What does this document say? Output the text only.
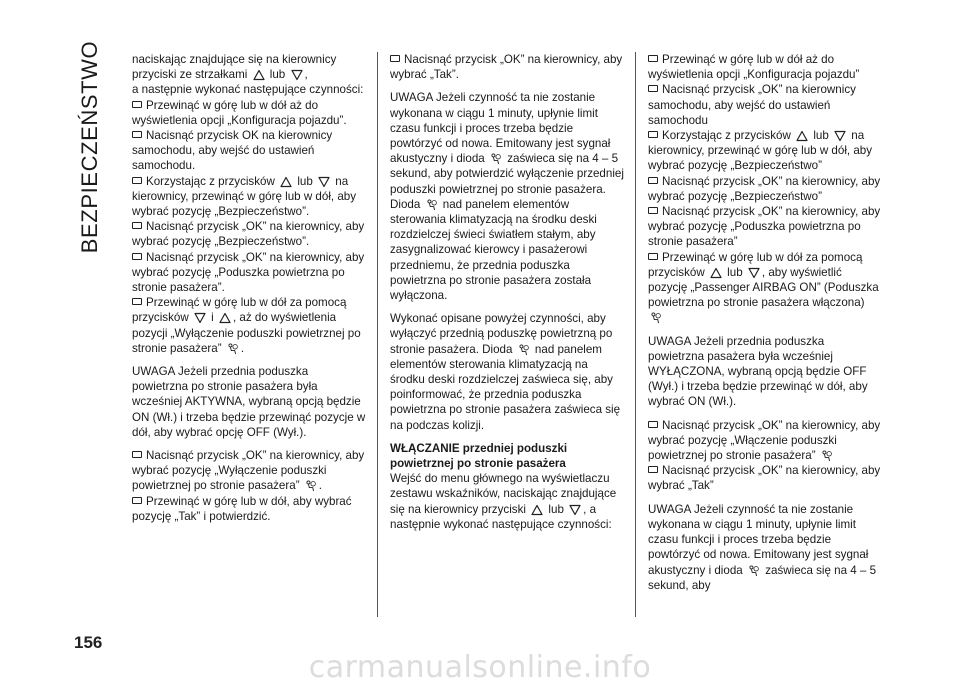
BEZPIECZEŃSTWO
156

naciskając znajdujące się na kierownicy przyciski ze strzałkami lub ,
a następnie wykonać następujące czynności:

Przewinąć w górę lub w dół aż do wyświetlenia opcji „Konfiguracja pojazdu”.

Nacisnąć przycisk OK na kierownicy samochodu, aby wejść do ustawień samochodu.

Korzystając z przycisków lub na kierownicy, przewinąć w górę lub w dół, aby wybrać pozycję „Bezpieczeństwo”.

Nacisnąć przycisk „OK” na kierownicy, aby wybrać pozycję „Bezpieczeństwo”.

Nacisnąć przycisk „OK” na kierownicy, aby wybrać pozycję „Poduszka powietrzna po stronie pasażera”.

Przewinąć w górę lub w dół za pomocą przycisków i , aż do wyświetlenia pozycji „Wyłączenie poduszki powietrznej po stronie pasażera” .

UWAGA Jeżeli przednia poduszka powietrzna po stronie pasażera była wcześniej AKTYWNA, wybraną opcją będzie ON (Wł.) i trzeba będzie przewinąć pozycje w dół, aby wybrać opcję OFF (Wył.).

Nacisnąć przycisk „OK” na kierownicy, aby wybrać pozycję „Wyłączenie poduszki powietrznej po stronie pasażera” .

Przewinąć w górę lub w dół, aby wybrać pozycję „Tak” i potwierdzić.

Nacisnąć przycisk „OK” na kierownicy, aby wybrać „Tak”.

UWAGA Jeżeli czynność ta nie zostanie wykonana w ciągu 1 minuty, upłynie limit czasu funkcji i proces trzeba będzie powtórzyć od nowa. Emitowany jest sygnał akustyczny i dioda zaświeca się na 4 – 5 sekund, aby potwierdzić wyłączenie przedniej poduszki powietrznej po stronie pasażera. Dioda nad panelem elementów sterowania klimatyzacją na środku deski rozdzielczej świeci światłem stałym, aby zasygnalizować kierowcy i pasażerowi przedniemu, że przednia poduszka powietrzna po stronie pasażera została wyłączona.

Wykonać opisane powyżej czynności, aby wyłączyć przednią poduszkę powietrzną po stronie pasażera. Dioda nad panelem elementów sterowania klimatyzacją na środku deski rozdzielczej zaświeca się, aby poinformować, że przednia poduszka powietrzna po stronie pasażera zaświeca się na podczas kolizji.

WŁĄCZANIE przedniej poduszki powietrznej po stronie pasażera

Wejść do menu głównego na wyświetlaczu zestawu wskaźników, naciskając znajdujące się na kierownicy przyciski lub , a następnie wykonać następujące czynności:

Przewinąć w górę lub w dół aż do wyświetlenia opcji „Konfiguracja pojazdu”

Nacisnąć przycisk „OK” na kierownicy samochodu, aby wejść do ustawień samochodu

Korzystając z przycisków lub na kierownicy, przewinąć w górę lub w dół, aby wybrać pozycję „Bezpieczeństwo”

Nacisnąć przycisk „OK” na kierownicy, aby wybrać pozycję „Bezpieczeństwo”

Nacisnąć przycisk „OK” na kierownicy, aby wybrać pozycję „Poduszka powietrzna po stronie pasażera”

Przewinąć w górę lub w dół za pomocą przycisków lub , aby wyświetlić pozycję „Passenger AIRBAG ON” (Poduszka powietrzna po stronie pasażera włączona)

UWAGA Jeżeli przednia poduszka powietrzna pasażera była wcześniej WYŁĄCZONA, wybraną opcją będzie OFF (Wył.) i trzeba będzie przewinąć w dół, aby wybrać ON (Wł.).

Nacisnąć przycisk „OK” na kierownicy, aby wybrać pozycję „Włączenie poduszki powietrznej po stronie pasażera”

Nacisnąć przycisk „OK” na kierownicy, aby wybrać „Tak”

UWAGA Jeżeli czynność ta nie zostanie wykonana w ciągu 1 minuty, upłynie limit czasu funkcji i proces trzeba będzie powtórzyć od nowa. Emitowany jest sygnał akustyczny i dioda zaświeca się na 4 – 5 sekund, aby

carmanualsonline.info
